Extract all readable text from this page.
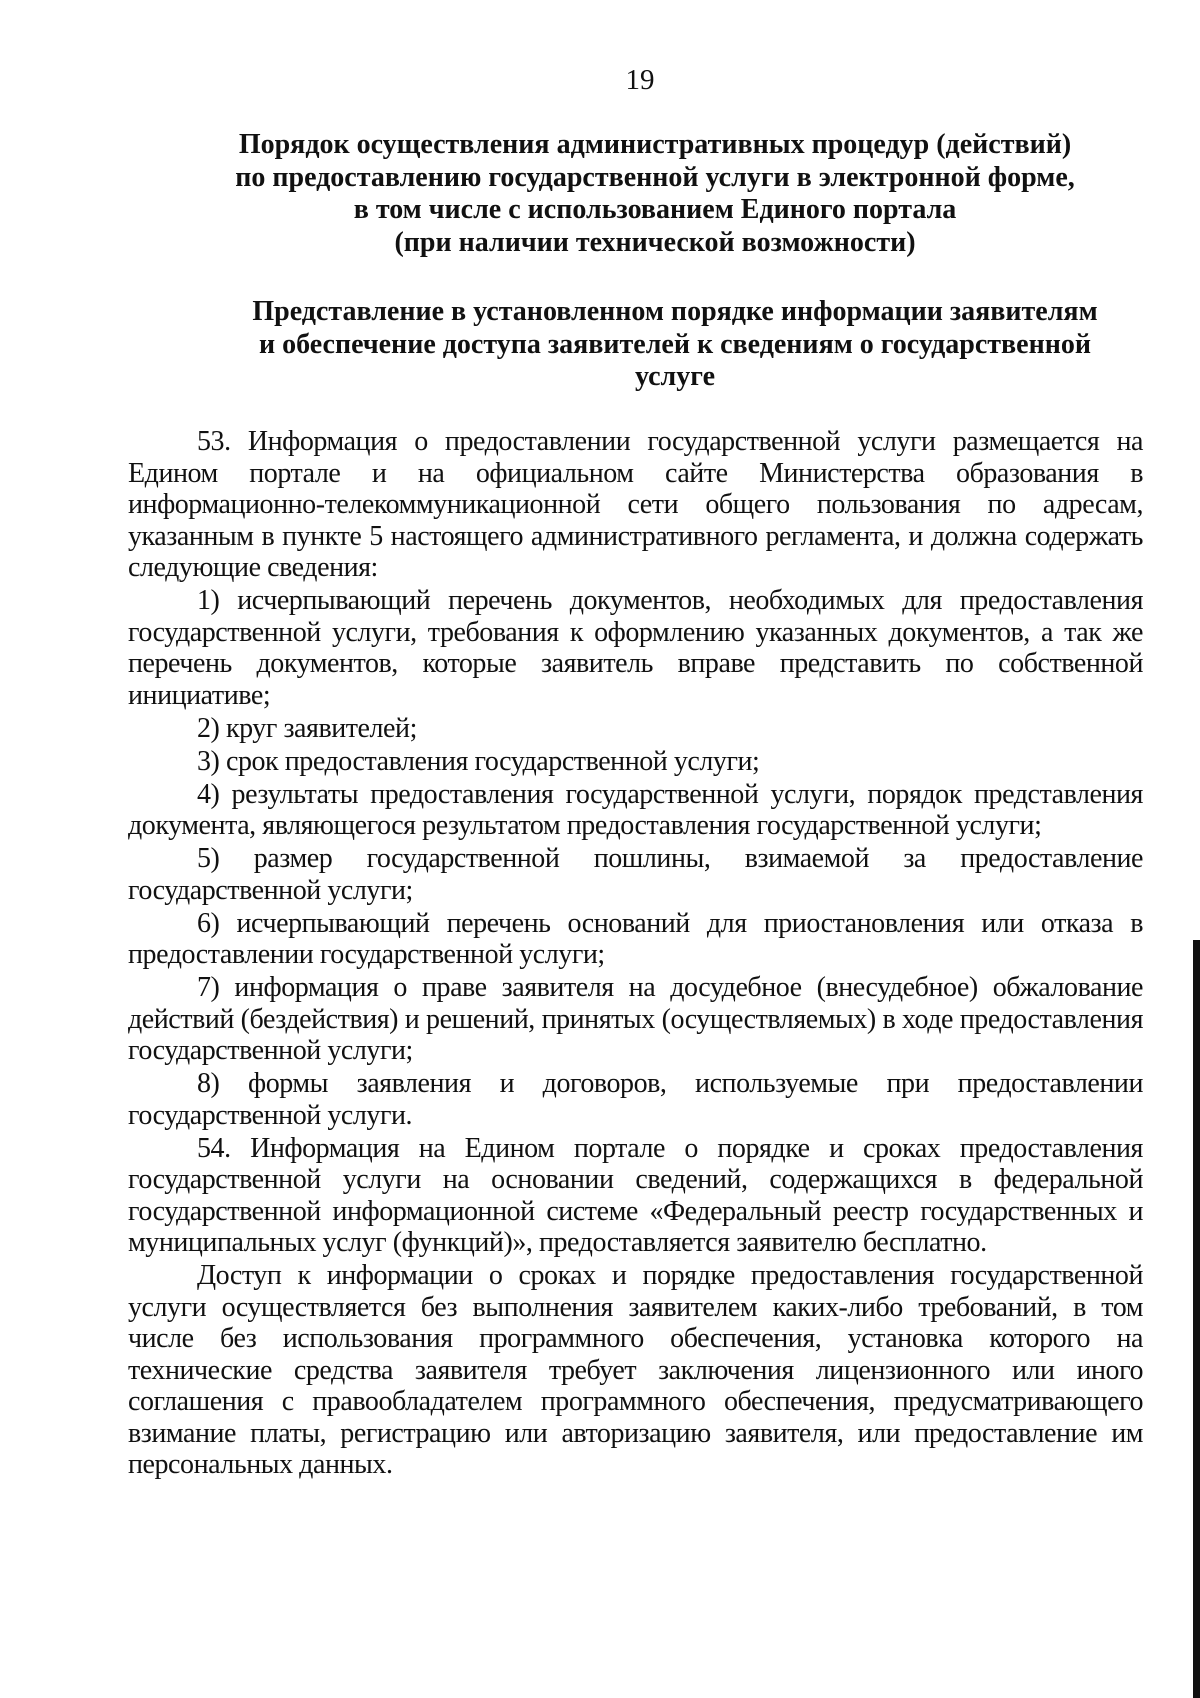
19
Порядок осуществления административных процедур (действий)
по предоставлению государственной услуги в электронной форме,
в том числе с использованием Единого портала
(при наличии технической возможности)
Представление в установленном порядке информации заявителям
и обеспечение доступа заявителей к сведениям о государственной
услуге

53. Информация о предоставлении государственной услуги размещается на Едином портале и на официальном сайте Министерства образования в информационно-телекоммуникационной сети общего пользования по адресам, указанным в пункте 5 настоящего административного регламента, и должна содержать следующие сведения:

1) исчерпывающий перечень документов, необходимых для предоставления государственной услуги, требования к оформлению указанных документов, а так же перечень документов, которые заявитель вправе представить по собственной инициативе;

2) круг заявителей;

3) срок предоставления государственной услуги;

4) результаты предоставления государственной услуги, порядок представления документа, являющегося результатом предоставления государственной услуги;

5) размер государственной пошлины, взимаемой за предоставление государственной услуги;

6) исчерпывающий перечень оснований для приостановления или отказа в предоставлении государственной услуги;

7) информация о праве заявителя на досудебное (внесудебное) обжалование действий (бездействия) и решений, принятых (осуществляемых) в ходе предоставления государственной услуги;

8) формы заявления и договоров, используемые при предоставлении государственной услуги.

54. Информация на Едином портале о порядке и сроках предоставления государственной услуги на основании сведений, содержащихся в федеральной государственной информационной системе «Федеральный реестр государственных и муниципальных услуг (функций)», предоставляется заявителю бесплатно.

Доступ к информации о сроках и порядке предоставления государственной услуги осуществляется без выполнения заявителем каких-либо требований, в том числе без использования программного обеспечения, установка которого на технические средства заявителя требует заключения лицензионного или иного соглашения с правообладателем программного обеспечения, предусматривающего взимание платы, регистрацию или авторизацию заявителя, или предоставление им персональных данных.
